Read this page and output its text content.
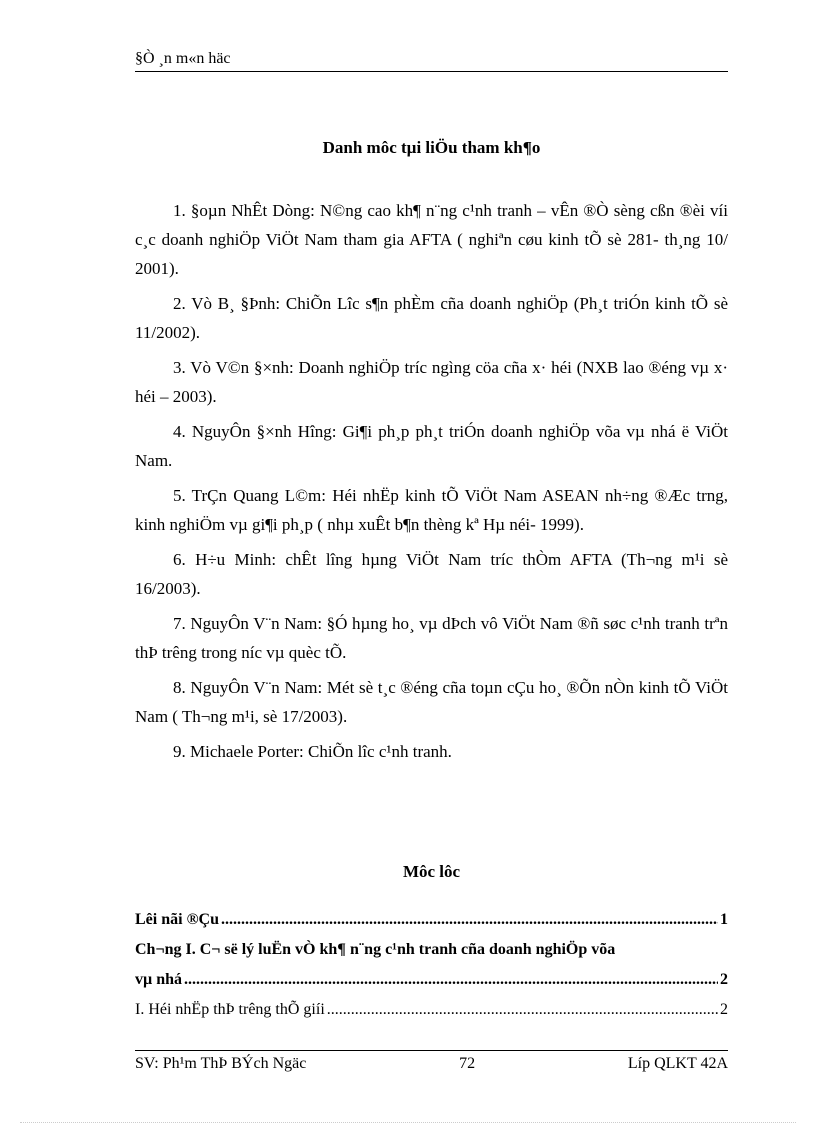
§Ò ¸n m«n häc
Danh môc tµi liÖu tham kh¶o

1. §oµn NhÊt Dòng: N©ng cao kh¶ n¨ng c¹nh tranh – vÊn ®Ò sèng cßn ®èi víi c¸c doanh nghiÖp ViÖt Nam tham gia AFTA ( nghiªn cøu kinh tÕ sè 281- th¸ng 10/ 2001).

2. Vò B¸ §Þnh: ChiÕn Lîc s¶n phÈm cña doanh nghiÖp (Ph¸t triÓn kinh tÕ sè 11/2002).

3. Vò V©n §×nh: Doanh nghiÖp tríc ngìng cöa cña x· héi (NXB lao ®éng vµ x· héi – 2003).

4. NguyÔn §×nh Hîng: Gi¶i ph¸p ph¸t triÓn doanh nghiÖp võa vµ nhá ë ViÖt Nam.

5. TrÇn Quang L©m: Héi nhËp kinh tÕ ViÖt Nam ASEAN nh÷ng ®Æc trng, kinh nghiÖm vµ gi¶i ph¸p ( nhµ xuÊt b¶n thèng kª Hµ néi- 1999).

6. H÷u Minh: chÊt lîng hµng ViÖt Nam tríc thÒm AFTA (Th¬ng m¹i sè 16/2003).

7. NguyÔn V¨n Nam: §Ó hµng ho¸ vµ dÞch vô ViÖt Nam ®ñ søc c¹nh tranh trªn thÞ trêng trong níc vµ quèc tÕ.

8. NguyÔn V¨n Nam: Mét sè t¸c ®éng cña toµn cÇu ho¸ ®Õn nÒn kinh tÕ ViÖt Nam ( Th¬ng m¹i, sè 17/2003).

9. Michaele Porter: ChiÕn lîc c¹nh tranh.

Môc lôc
Lêi nãi ®Çu .....	1
Ch¬ng I. C¬ së lý luËn vÒ kh¶ n¨ng c¹nh tranh cña doanh nghiÖp võa
vµ nhá .....	2
I. Héi nhËp thÞ trêng thÕ giíi .....	2
SV: Ph¹m ThÞ BÝch Ngäc	72	Líp QLKT 42A
